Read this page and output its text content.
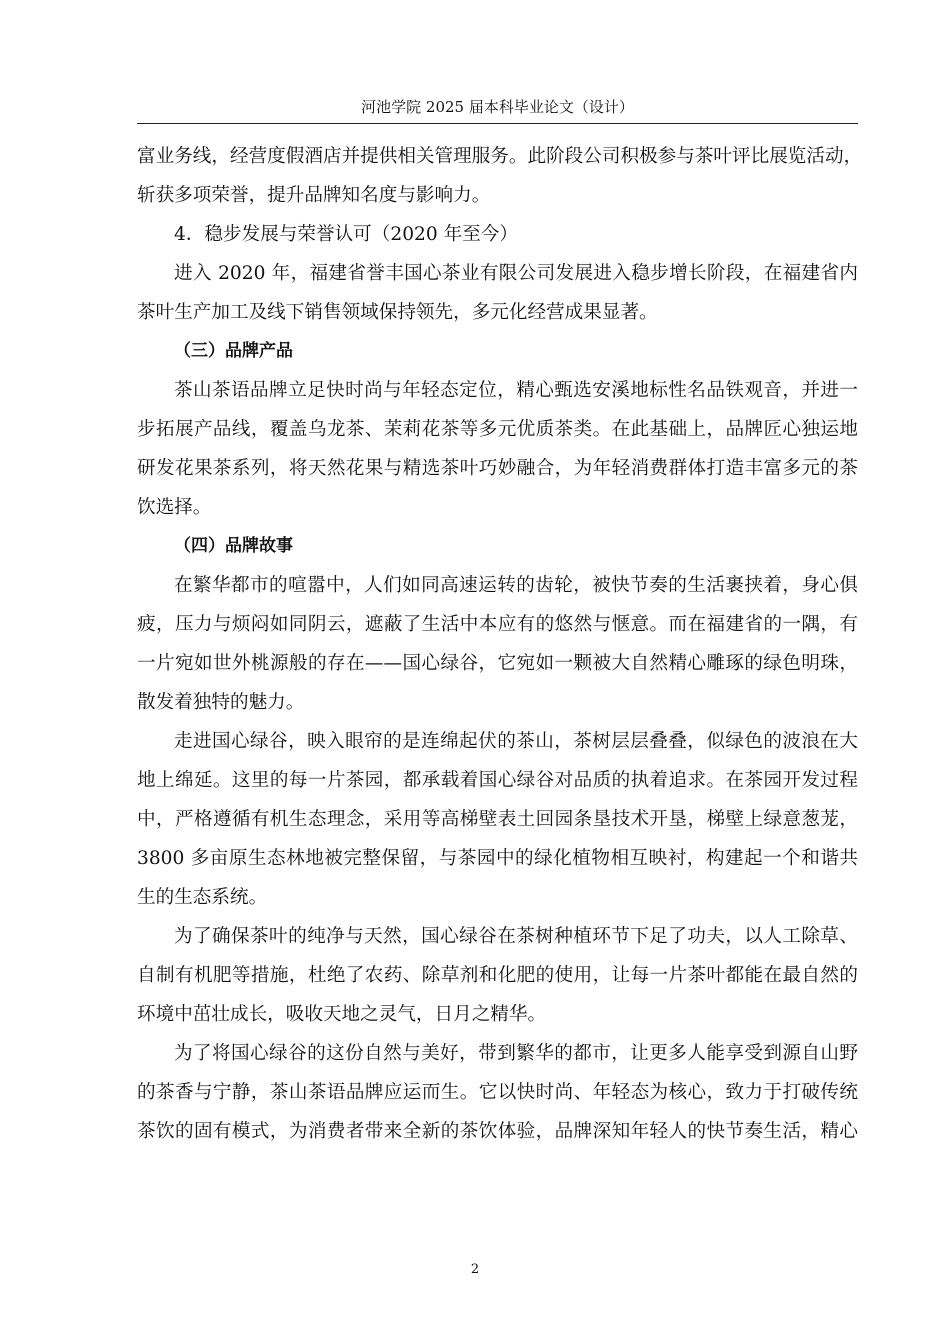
河池学院 2025 届本科毕业论文（设计）
富业务线，经营度假酒店并提供相关管理服务。此阶段公司积极参与茶叶评比展览活动，
斩获多项荣誉，提升品牌知名度与影响力。
4．稳步发展与荣誉认可（2020 年至今）
进入 2020 年，福建省誉丰国心茶业有限公司发展进入稳步增长阶段，在福建省内
茶叶生产加工及线下销售领域保持领先，多元化经营成果显著。
（三）品牌产品
茶山茶语品牌立足快时尚与年轻态定位，精心甄选安溪地标性名品铁观音，并进一
步拓展产品线，覆盖乌龙茶、茉莉花茶等多元优质茶类。在此基础上，品牌匠心独运地
研发花果茶系列，将天然花果与精选茶叶巧妙融合，为年轻消费群体打造丰富多元的茶
饮选择。
（四）品牌故事
在繁华都市的喧嚣中，人们如同高速运转的齿轮，被快节奏的生活裹挟着，身心俱
疲，压力与烦闷如同阴云，遮蔽了生活中本应有的悠然与惬意。而在福建省的一隅，有
一片宛如世外桃源般的存在——国心绿谷，它宛如一颗被大自然精心雕琢的绿色明珠，
散发着独特的魅力。
走进国心绿谷，映入眼帘的是连绵起伏的茶山，茶树层层叠叠，似绿色的波浪在大
地上绵延。这里的每一片茶园，都承载着国心绿谷对品质的执着追求。在茶园开发过程
中，严格遵循有机生态理念，采用等高梯壁表土回园条垦技术开垦，梯壁上绿意葱茏，
3800 多亩原生态林地被完整保留，与茶园中的绿化植物相互映衬，构建起一个和谐共
生的生态系统。
为了确保茶叶的纯净与天然，国心绿谷在茶树种植环节下足了功夫，以人工除草、
自制有机肥等措施，杜绝了农药、除草剂和化肥的使用，让每一片茶叶都能在最自然的
环境中茁壮成长，吸收天地之灵气，日月之精华。
为了将国心绿谷的这份自然与美好，带到繁华的都市，让更多人能享受到源自山野
的茶香与宁静，茶山茶语品牌应运而生。它以快时尚、年轻态为核心，致力于打破传统
茶饮的固有模式，为消费者带来全新的茶饮体验，品牌深知年轻人的快节奏生活，精心
2
